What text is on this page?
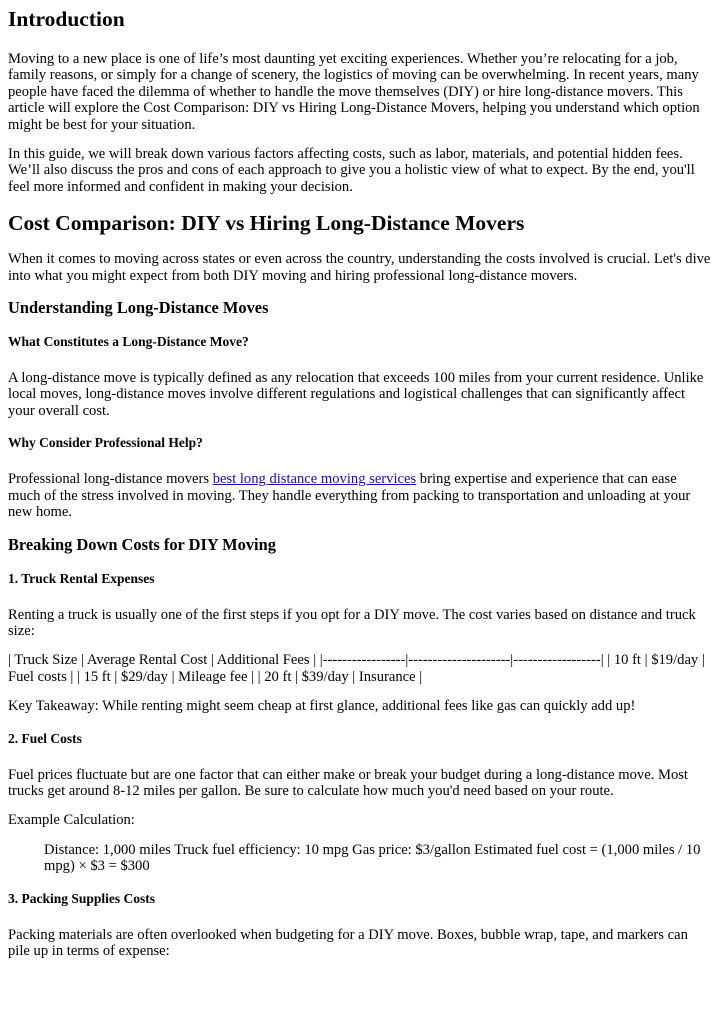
Introduction

Moving to a new place is one of life’s most daunting yet exciting experiences. Whether you’re relocating for a job, family reasons, or simply for a change of scenery, the logistics of moving can be overwhelming. In recent years, many people have faced the dilemma of whether to handle the move themselves (DIY) or hire long-distance movers. This article will explore the Cost Comparison: DIY vs Hiring Long-Distance Movers, helping you understand which option might be best for your situation.

In this guide, we will break down various factors affecting costs, such as labor, materials, and potential hidden fees. We’ll also discuss the pros and cons of each approach to give you a holistic view of what to expect. By the end, you'll feel more informed and confident in making your decision.

Cost Comparison: DIY vs Hiring Long-Distance Movers

When it comes to moving across states or even across the country, understanding the costs involved is crucial. Let's dive into what you might expect from both DIY moving and hiring professional long-distance movers.

Understanding Long-Distance Moves
What Constitutes a Long-Distance Move?

A long-distance move is typically defined as any relocation that exceeds 100 miles from your current residence. Unlike local moves, long-distance moves involve different regulations and logistical challenges that can significantly affect your overall cost.

Why Consider Professional Help?

Professional long-distance movers best long distance moving services bring expertise and experience that can ease much of the stress involved in moving. They handle everything from packing to transportation and unloading at your new home.

Breaking Down Costs for DIY Moving
1. Truck Rental Expenses

Renting a truck is usually one of the first steps if you opt for a DIY move. The cost varies based on distance and truck size:

| Truck Size | Average Rental Cost | Additional Fees | |-----------------|---------------------|------------------| | 10 ft | $19/day | Fuel costs | | 15 ft | $29/day | Mileage fee | | 20 ft | $39/day | Insurance |

Key Takeaway: While renting might seem cheap at first glance, additional fees like gas can quickly add up!

2. Fuel Costs

Fuel prices fluctuate but are one factor that can either make or break your budget during a long-distance move. Most trucks get around 8-12 miles per gallon. Be sure to calculate how much you'd need based on your route.

Example Calculation:

Distance: 1,000 miles Truck fuel efficiency: 10 mpg Gas price: $3/gallon Estimated fuel cost = (1,000 miles / 10 mpg) × $3 = $300
3. Packing Supplies Costs

Packing materials are often overlooked when budgeting for a DIY move. Boxes, bubble wrap, tape, and markers can pile up in terms of expense:
